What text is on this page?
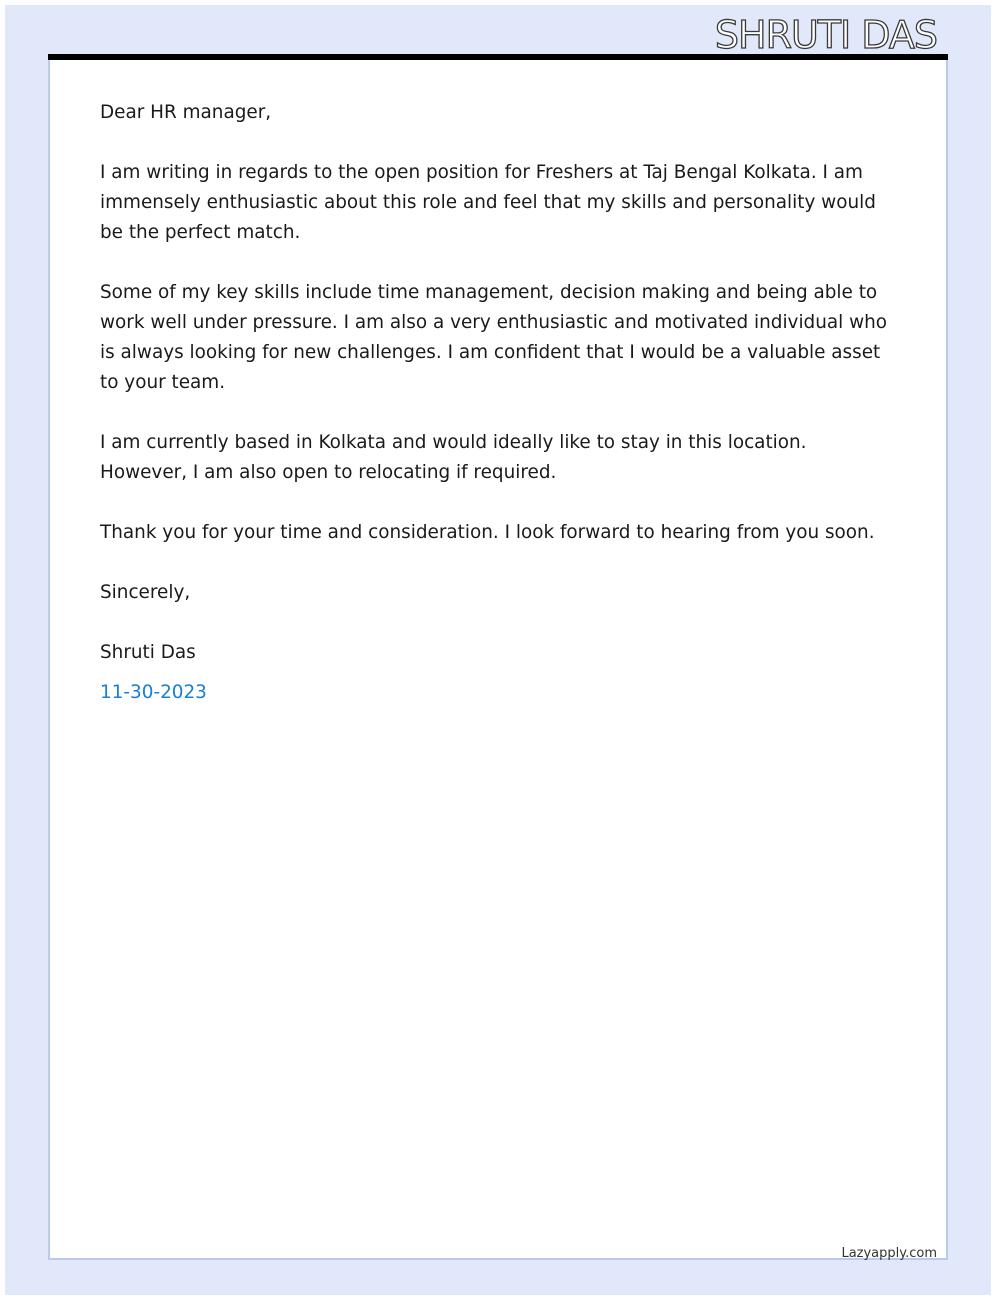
SHRUTI DAS

Dear HR manager,

I am writing in regards to the open position for Freshers at Taj Bengal Kolkata. I am immensely enthusiastic about this role and feel that my skills and personality would be the perfect match.

Some of my key skills include time management, decision making and being able to work well under pressure. I am also a very enthusiastic and motivated individual who is always looking for new challenges. I am confident that I would be a valuable asset to your team.

I am currently based in Kolkata and would ideally like to stay in this location. However, I am also open to relocating if required.

Thank you for your time and consideration. I look forward to hearing from you soon.

Sincerely,

Shruti Das

11-30-2023

Lazyapply.com
